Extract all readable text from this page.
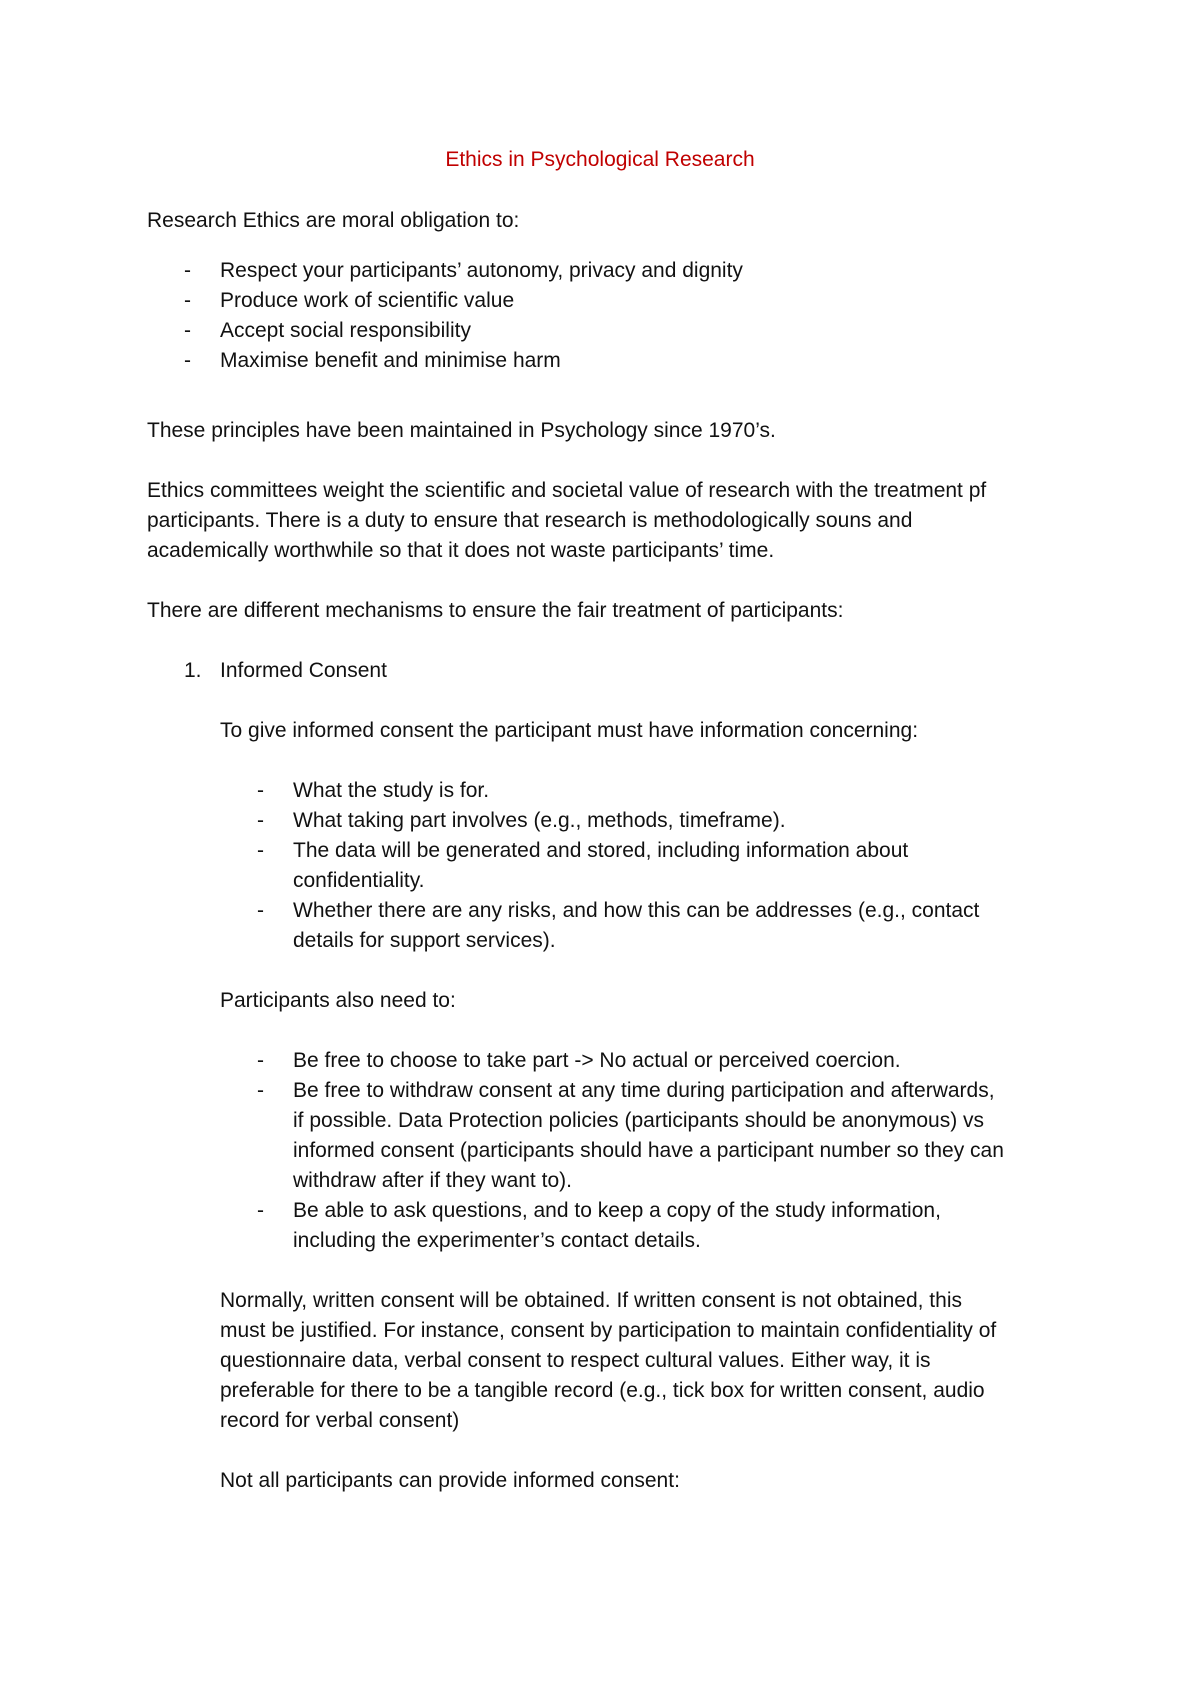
Ethics in Psychological Research
Research Ethics are moral obligation to:
- Respect your participants’ autonomy, privacy and dignity
- Produce work of scientific value
- Accept social responsibility
- Maximise benefit and minimise harm
These principles have been maintained in Psychology since 1970’s.
Ethics committees weight the scientific and societal value of research with the treatment pf
participants. There is a duty to ensure that research is methodologically souns and
academically worthwhile so that it does not waste participants’ time.
There are different mechanisms to ensure the fair treatment of participants:
1. Informed Consent
To give informed consent the participant must have information concerning:
- What the study is for.
- What taking part involves (e.g., methods, timeframe).
- The data will be generated and stored, including information about
confidentiality.
- Whether there are any risks, and how this can be addresses (e.g., contact
details for support services).
Participants also need to:
- Be free to choose to take part -> No actual or perceived coercion.
- Be free to withdraw consent at any time during participation and afterwards,
if possible. Data Protection policies (participants should be anonymous) vs
informed consent (participants should have a participant number so they can
withdraw after if they want to).
- Be able to ask questions, and to keep a copy of the study information,
including the experimenter’s contact details.
Normally, written consent will be obtained. If written consent is not obtained, this
must be justified. For instance, consent by participation to maintain confidentiality of
questionnaire data, verbal consent to respect cultural values. Either way, it is
preferable for there to be a tangible record (e.g., tick box for written consent, audio
record for verbal consent)
Not all participants can provide informed consent:
